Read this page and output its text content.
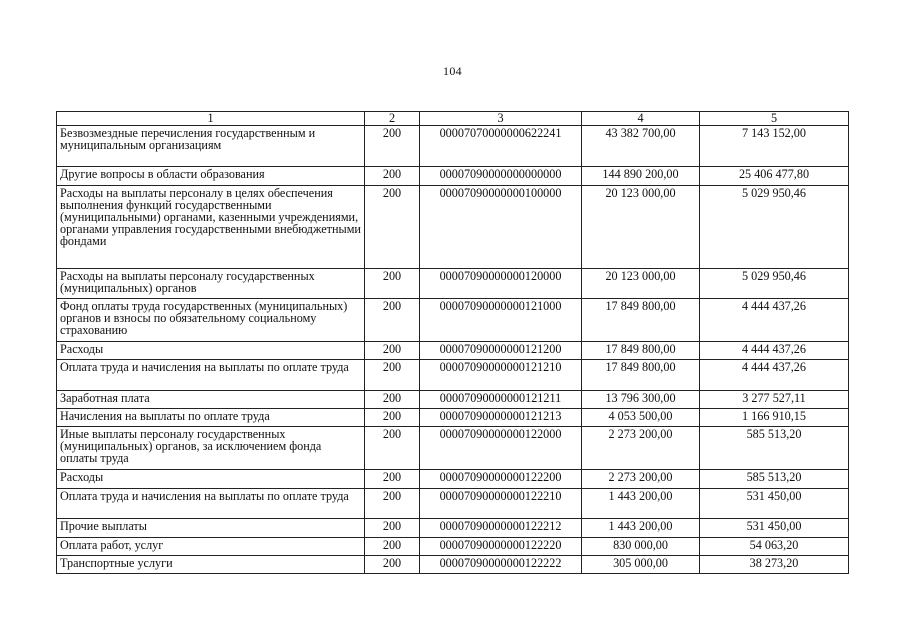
104
1	2	3	4	5
Безвозмездные перечисления государственным и муниципальным организациям	200	00007070000000622241	43 382 700,00	7 143 152,00
Другие вопросы в области образования	200	00007090000000000000	144 890 200,00	25 406 477,80
Расходы на выплаты персоналу в целях обеспечения выполнения функций государственными (муниципальными) органами, казенными учреждениями, органами управления государственными внебюджетными фондами	200	00007090000000100000	20 123 000,00	5 029 950,46
Расходы на выплаты персоналу государственных (муниципальных) органов	200	00007090000000120000	20 123 000,00	5 029 950,46
Фонд оплаты труда государственных (муниципальных) органов и взносы по обязательному социальному страхованию	200	00007090000000121000	17 849 800,00	4 444 437,26
Расходы	200	00007090000000121200	17 849 800,00	4 444 437,26
Оплата труда и начисления на выплаты по оплате труда	200	00007090000000121210	17 849 800,00	4 444 437,26
Заработная плата	200	00007090000000121211	13 796 300,00	3 277 527,11
Начисления на выплаты по оплате труда	200	00007090000000121213	4 053 500,00	1 166 910,15
Иные выплаты персоналу государственных (муниципальных) органов, за исключением фонда оплаты труда	200	00007090000000122000	2 273 200,00	585 513,20
Расходы	200	00007090000000122200	2 273 200,00	585 513,20
Оплата труда и начисления на выплаты по оплате труда	200	00007090000000122210	1 443 200,00	531 450,00
Прочие выплаты	200	00007090000000122212	1 443 200,00	531 450,00
Оплата работ, услуг	200	00007090000000122220	830 000,00	54 063,20
Транспортные услуги	200	00007090000000122222	305 000,00	38 273,20
